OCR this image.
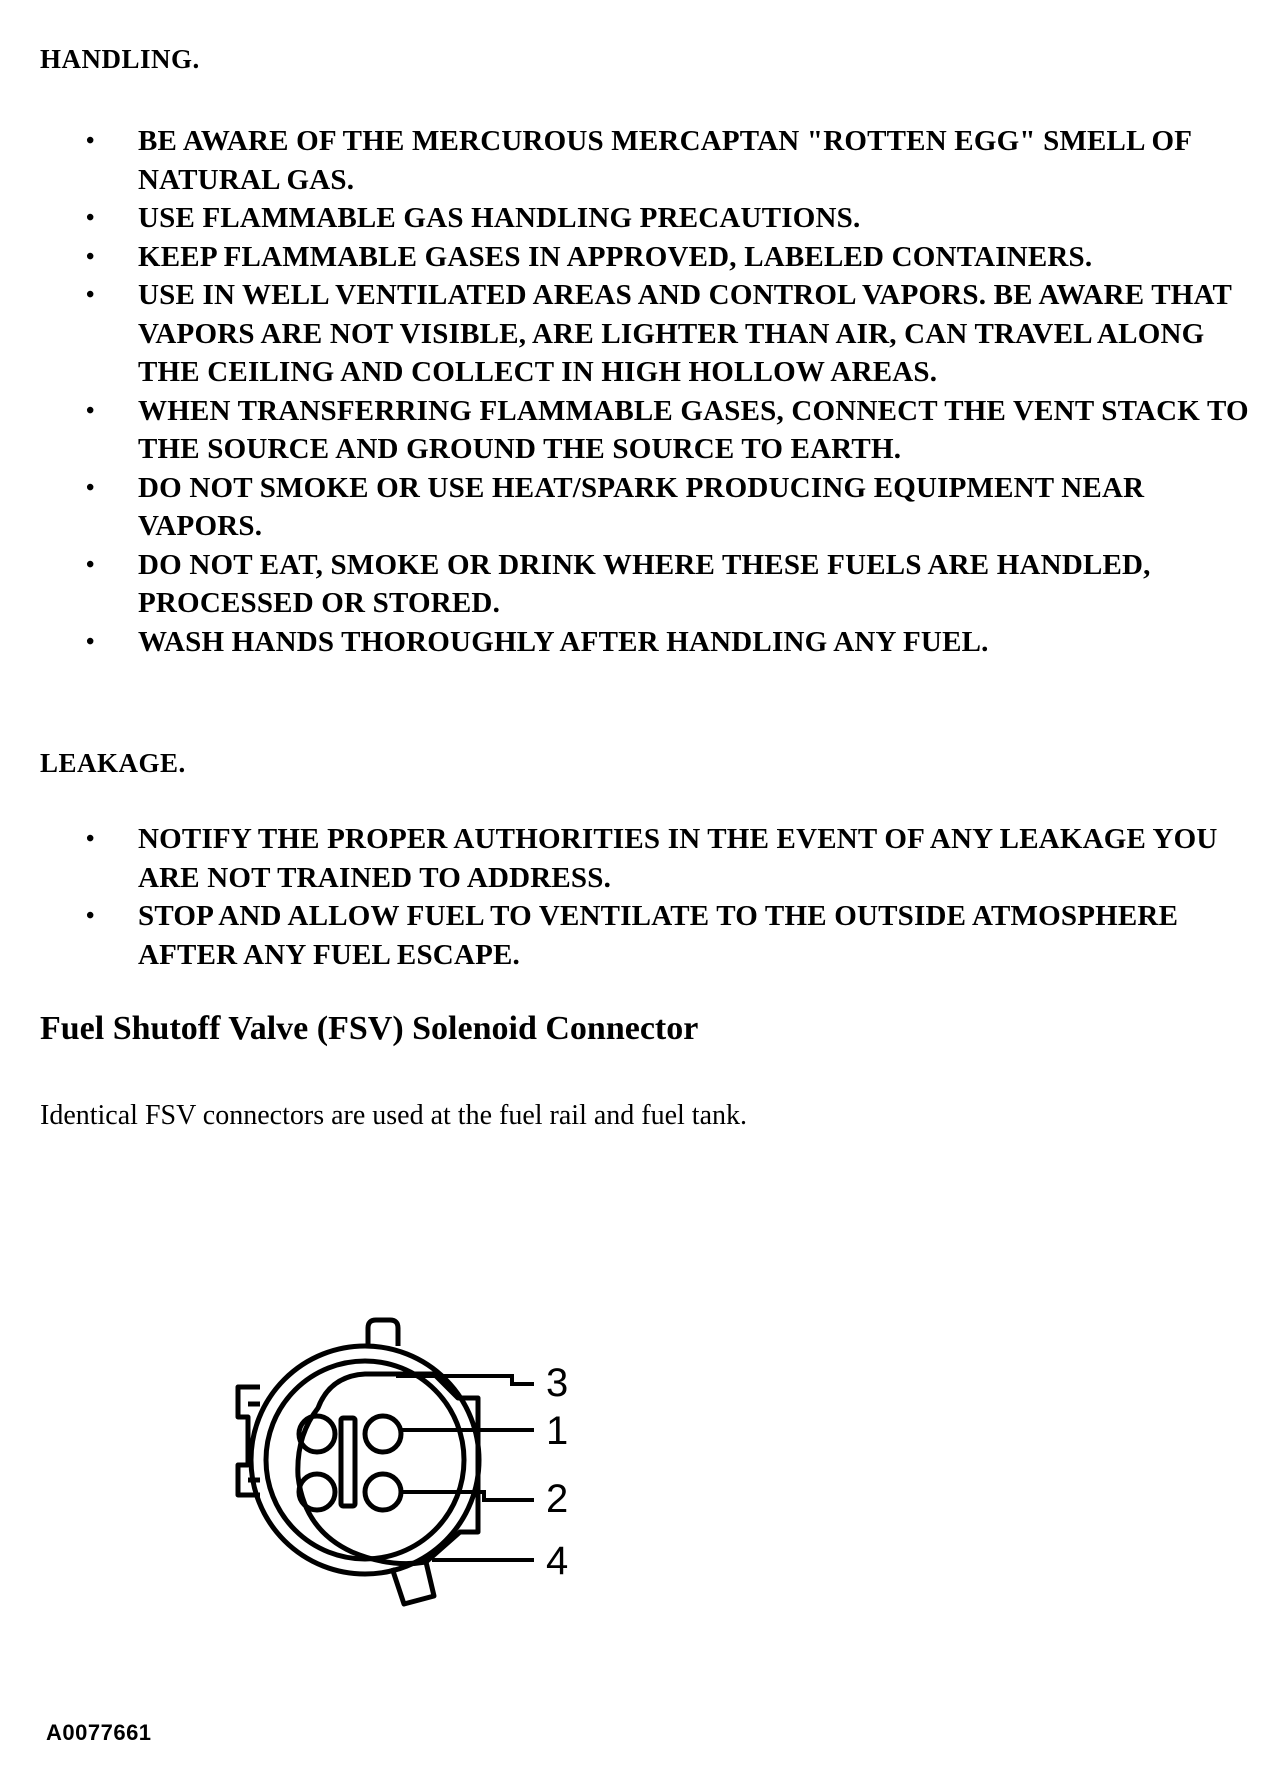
HANDLING.
• BE AWARE OF THE MERCUROUS MERCAPTAN "ROTTEN EGG" SMELL OF NATURAL GAS.
• USE FLAMMABLE GAS HANDLING PRECAUTIONS.
• KEEP FLAMMABLE GASES IN APPROVED, LABELED CONTAINERS.
• USE IN WELL VENTILATED AREAS AND CONTROL VAPORS. BE AWARE THAT VAPORS ARE NOT VISIBLE, ARE LIGHTER THAN AIR, CAN TRAVEL ALONG THE CEILING AND COLLECT IN HIGH HOLLOW AREAS.
• WHEN TRANSFERRING FLAMMABLE GASES, CONNECT THE VENT STACK TO THE SOURCE AND GROUND THE SOURCE TO EARTH.
• DO NOT SMOKE OR USE HEAT/SPARK PRODUCING EQUIPMENT NEAR VAPORS.
• DO NOT EAT, SMOKE OR DRINK WHERE THESE FUELS ARE HANDLED, PROCESSED OR STORED.
• WASH HANDS THOROUGHLY AFTER HANDLING ANY FUEL.
LEAKAGE.
• NOTIFY THE PROPER AUTHORITIES IN THE EVENT OF ANY LEAKAGE YOU ARE NOT TRAINED TO ADDRESS.
• STOP AND ALLOW FUEL TO VENTILATE TO THE OUTSIDE ATMOSPHERE AFTER ANY FUEL ESCAPE.
Fuel Shutoff Valve (FSV) Solenoid Connector

Identical FSV connectors are used at the fuel rail and fuel tank.

3
1
2
4

A0077661
